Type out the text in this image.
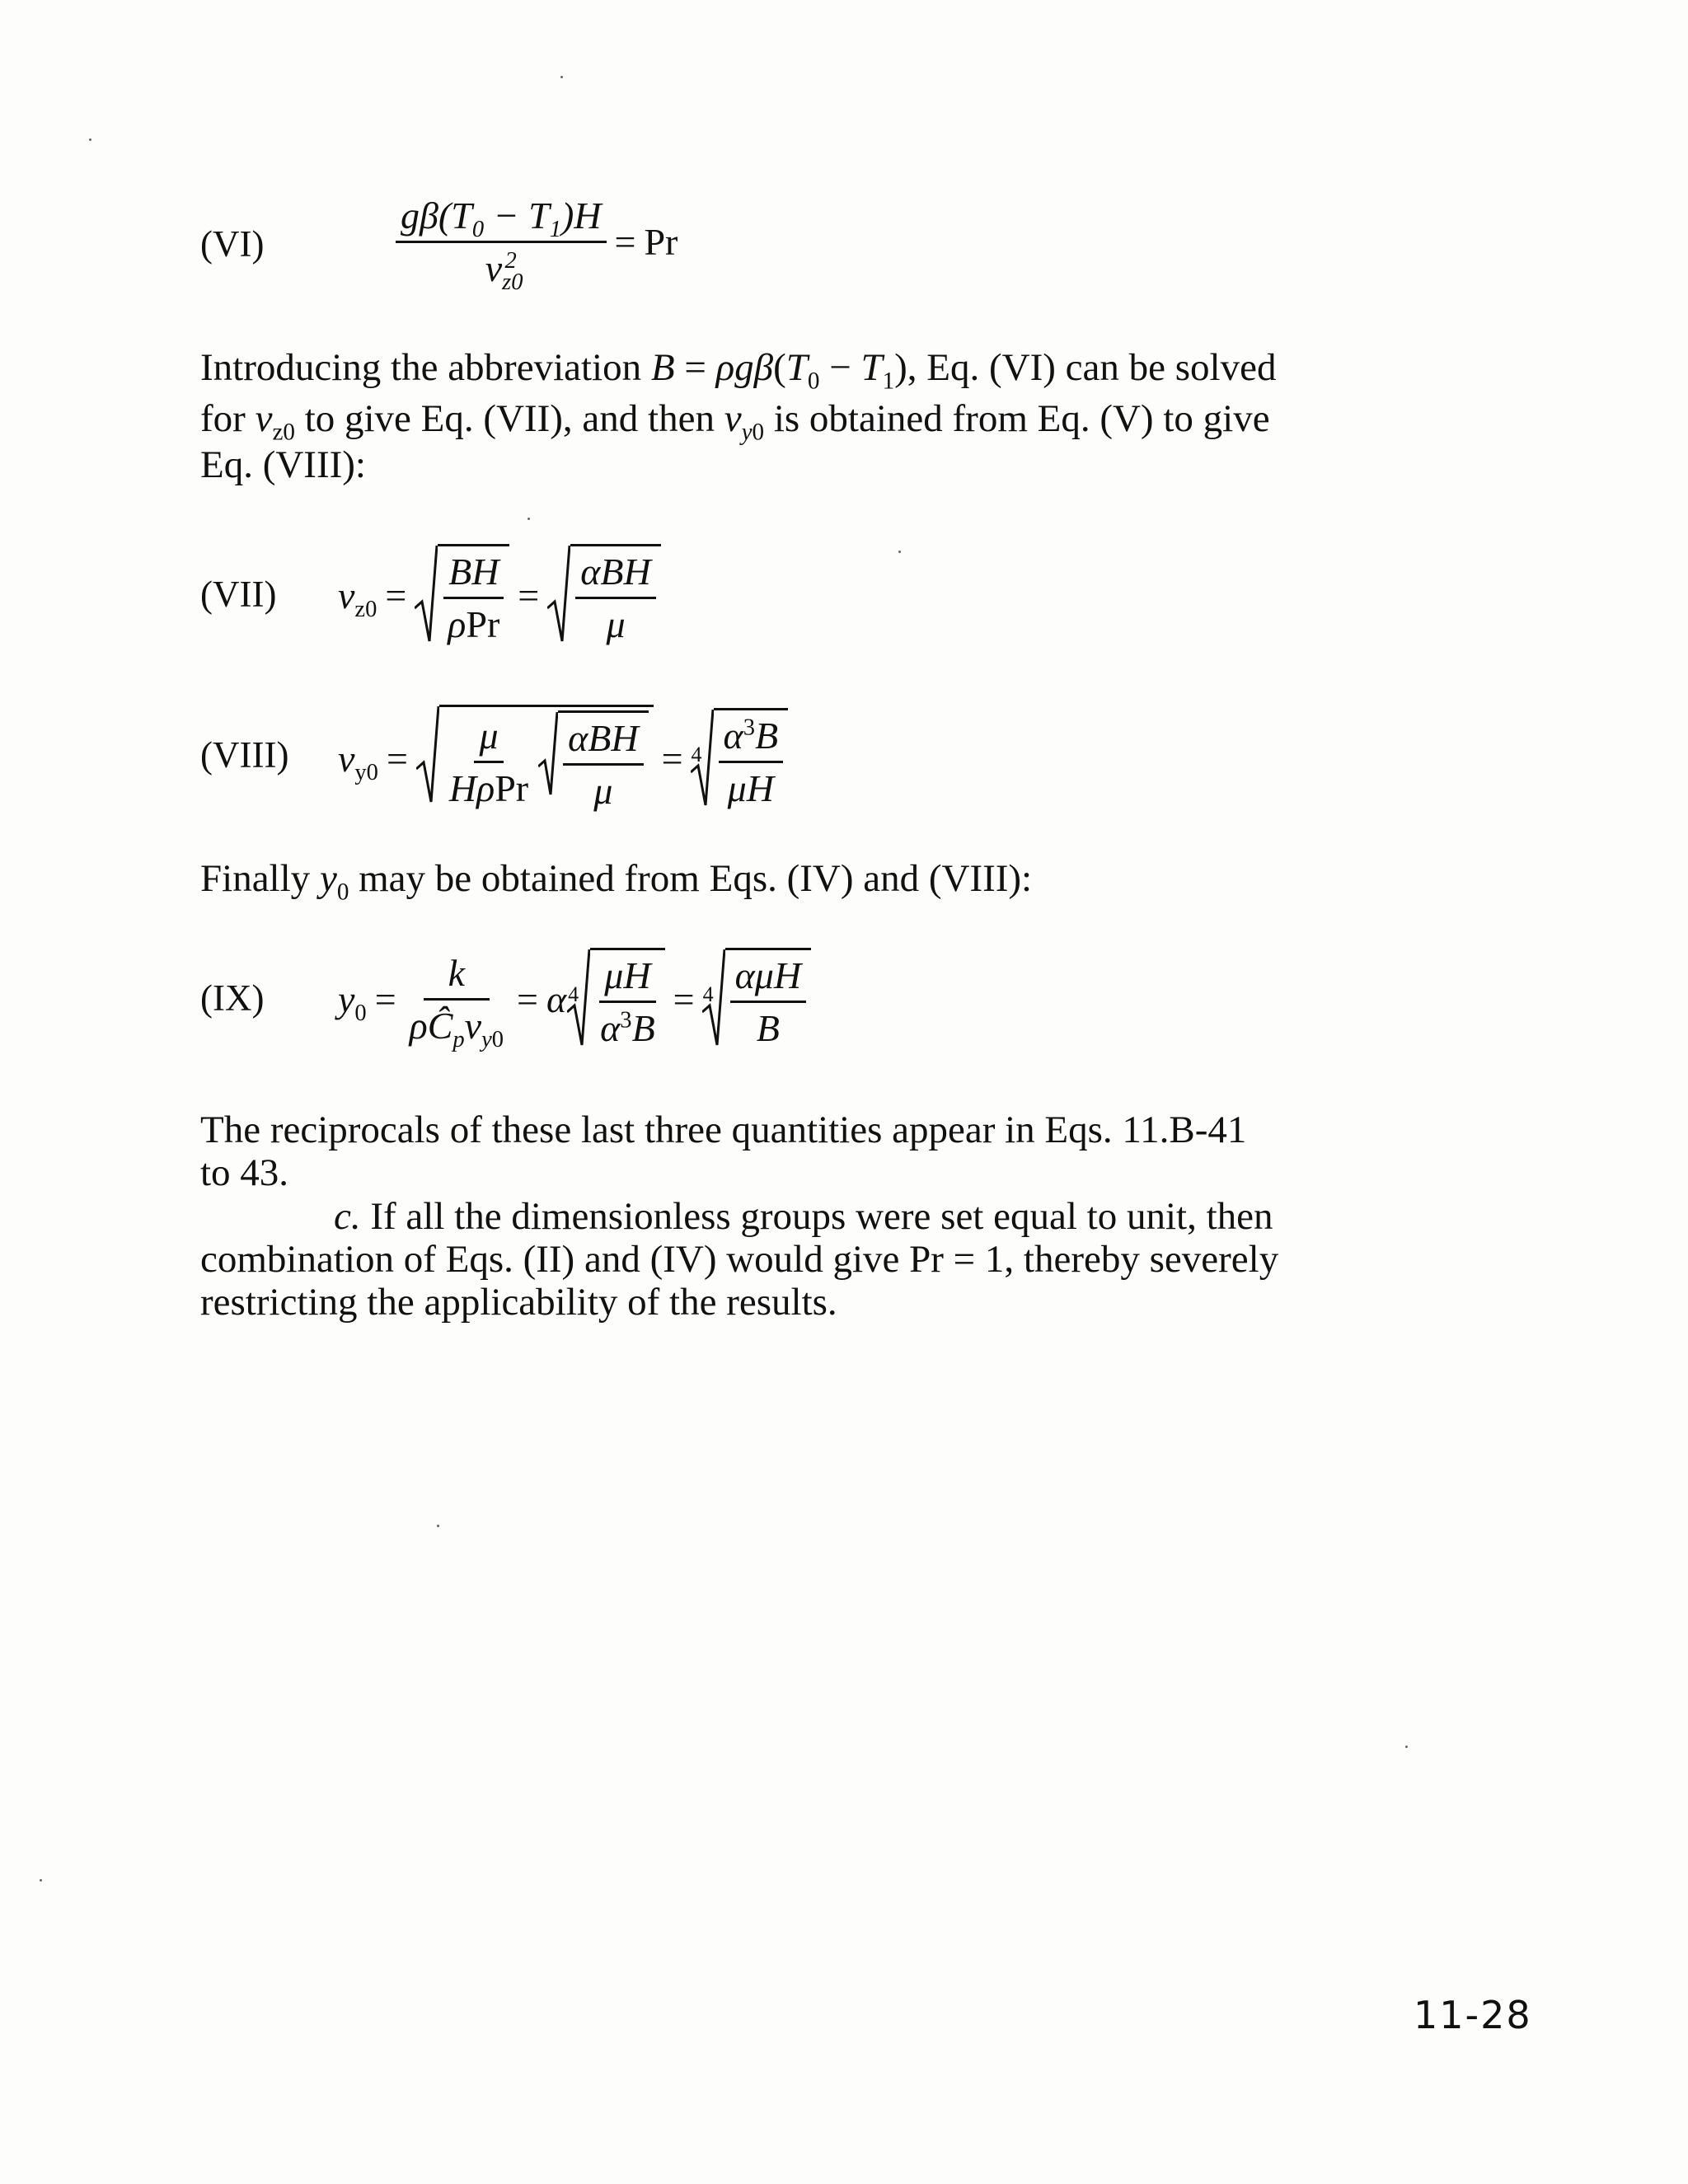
(VI)	$\frac{g\beta(T_0 - T_1)H}{v_{z0}^2} = Pr$
Introducing the abbreviation $B = \rho g\beta(T_0 - T_1)$, Eq. (VI) can be solved
for $v_{z0}$ to give Eq. (VII), and then $v_{y0}$ is obtained from Eq. (V) to give
Eq. (VIII):
(VII) $v_{z0} = \frac{BH}{\text{ρPr}} = \frac{\text{αBH}}{\mu}$
(VIII) $v_{y0} = \frac{\mu}{\text{HρPr}} \frac{\text{αBH}}{\mu} = 4 \frac{\alpha^3B}{\mu H}$
Finally $y_0$ may be obtained from Eqs. (IV) and (VIII):
(IX) $y_0 = \frac{k}{\rho Ĉ_pv_{y0}} = \alpha$ $4 \frac{\mu H}{\alpha^3B} = 4 \frac{\text{αμH}}{B}$
The reciprocals of these last three quantities appear in Eqs. 11.B-41
to 43.
c. If all the dimensionless groups were set equal to unit, then
combination of Eqs. (II) and (IV) would give Pr = 1, thereby severely
restricting the applicability of the results.
11-28
